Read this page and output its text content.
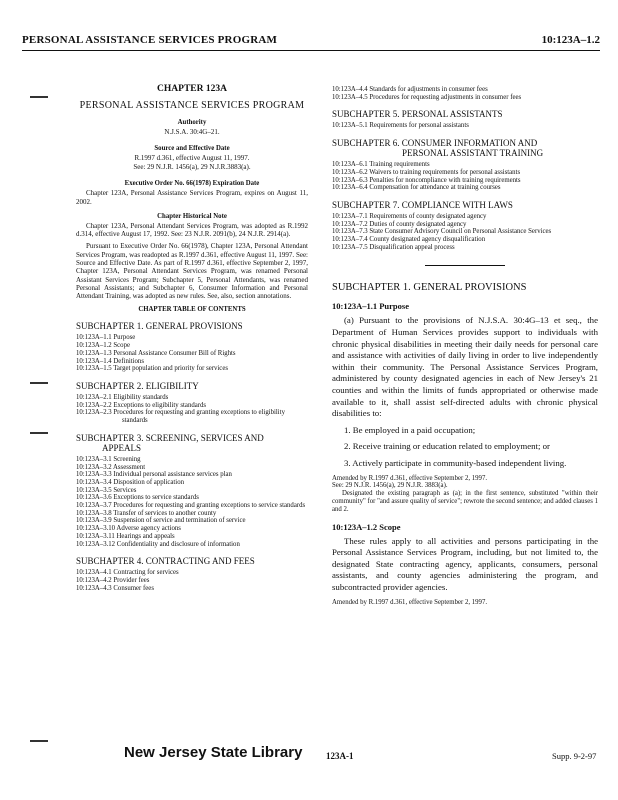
PERSONAL ASSISTANCE SERVICES PROGRAM	10:123A–1.2
CHAPTER 123A
PERSONAL ASSISTANCE SERVICES PROGRAM
Authority

N.J.S.A. 30:4G–21.

Source and Effective Date

R.1997 d.361, effective August 11, 1997.

See: 29 N.J.R. 1456(a), 29 N.J.R.3883(a).

Executive Order No. 66(1978) Expiration Date

Chapter 123A, Personal Assistance Services Program, expires on August 11, 2002.

Chapter Historical Note

Chapter 123A, Personal Attendant Services Program, was adopted as R.1992 d.314, effective August 17, 1992. See: 23 N.J.R. 2091(b), 24 N.J.R. 2914(a).

Pursuant to Executive Order No. 66(1978), Chapter 123A, Personal Attendant Services Program, was readopted as R.1997 d.361, effective August 11, 1997. See: Source and Effective Date. As part of R.1997 d.361, effective September 2, 1997, Chapter 123A, Personal Attendant Services Program, was renamed Personal Assistant Services Program; Subchapter 5, Personal Attendants, was renamed Personal Assistants; and Subchapter 6, Consumer Information and Personal Attendant Training, was adopted as new rules. See, also, section annotations.

CHAPTER TABLE OF CONTENTS
SUBCHAPTER 1. GENERAL PROVISIONS

10:123A–1.1 Purpose

10:123A–1.2 Scope

10:123A–1.3 Personal Assistance Consumer Bill of Rights

10:123A–1.4 Definitions

10:123A–1.5 Target population and priority for services

SUBCHAPTER 2. ELIGIBILITY

10:123A–2.1 Eligibility standards

10:123A–2.2 Exceptions to eligibility standards

10:123A–2.3 Procedures for requesting and granting exceptions to eligibility standards

SUBCHAPTER 3. SCREENING, SERVICES AND
APPEALS

10:123A–3.1 Screening

10:123A–3.2 Assessment

10:123A–3.3 Individual personal assistance services plan

10:123A–3.4 Disposition of application

10:123A–3.5 Services

10:123A–3.6 Exceptions to service standards

10:123A–3.7 Procedures for requesting and granting exceptions to service standards

10:123A–3.8 Transfer of services to another county

10:123A–3.9 Suspension of service and termination of service

10:123A–3.10 Adverse agency actions

10:123A–3.11 Hearings and appeals

10:123A–3.12 Confidentiality and disclosure of information

SUBCHAPTER 4. CONTRACTING AND FEES

10:123A–4.1 Contracting for services

10:123A–4.2 Provider fees

10:123A–4.3 Consumer fees

10:123A–4.4 Standards for adjustments in consumer fees

10:123A–4.5 Procedures for requesting adjustments in consumer fees

SUBCHAPTER 5. PERSONAL ASSISTANTS

10:123A–5.1 Requirements for personal assistants

SUBCHAPTER 6. CONSUMER INFORMATION AND
PERSONAL ASSISTANT TRAINING

10:123A–6.1 Training requirements

10:123A–6.2 Waivers to training requirements for personal assistants

10:123A–6.3 Penalties for noncompliance with training requirements

10:123A–6.4 Compensation for attendance at training courses

SUBCHAPTER 7. COMPLIANCE WITH LAWS

10:123A–7.1 Requirements of county designated agency

10:123A–7.2 Duties of county designated agency

10:123A–7.3 State Consumer Advisory Council on Personal Assistance Services

10:123A–7.4 County designated agency disqualification

10:123A–7.5 Disqualification appeal process

SUBCHAPTER 1. GENERAL PROVISIONS
10:123A–1.1 Purpose

(a) Pursuant to the provisions of N.J.S.A. 30:4G–13 et seq., the Department of Human Services provides support to individuals with chronic physical disabilities in meeting their daily needs for personal care and assistance with activities of daily living in order to live independently within their community. The Personal Assistance Services Program, administered by county designated agencies in each of New Jersey's 21 counties and within the limits of funds appropriated or otherwise made available to it, shall assist self-directed adults with chronic physical disabilities to:

1. Be employed in a paid occupation;

2. Receive training or education related to employment; or

3. Actively participate in community-based independent living.

Amended by R.1997 d.361, effective September 2, 1997.

See: 29 N.J.R. 1456(a), 29 N.J.R. 3883(a).

Designated the existing paragraph as (a); in the first sentence, substituted "within their community" for "and assure quality of service"; rewrote the second sentence; and added clauses 1 and 2.

10:123A–1.2 Scope

These rules apply to all activities and persons participating in the Personal Assistance Services Program, including, but not limited to, the designated State contracting agency, applicants, consumers, personal assistants, and county agencies administering the program, and subcontracted provider agencies.

Amended by R.1997 d.361, effective September 2, 1997.

New Jersey State Library	123A-1	Supp. 9-2-97
